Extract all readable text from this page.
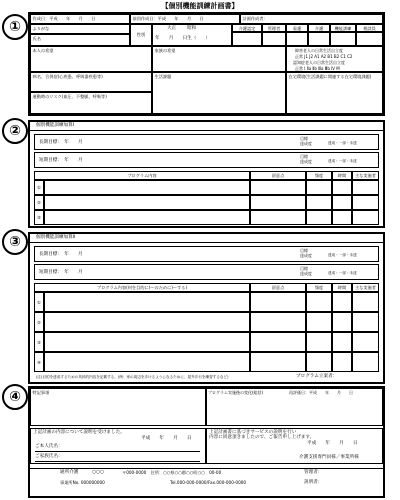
【個別機能訓練計画書】
①
②
③
④
作成日：平成　　年　　月　　日	前回作成日：平成　　年　　月　　日	計画作成者：
ふりがな
性別
大正 昭和
年　　月　　日生（　　）
氏名
介護認定	管理者	看護	介護	機能訓練	相談員
本人の希望	家族の希望	障害老人の日常生活自立度
正常 J1 J2 A1 A2 B1 B2 C1 C2
認知症老人の日常生活自立度
正常 Ⅰ Ⅱa Ⅱb Ⅲa Ⅲb Ⅳ M
病名、合併症(心疾患、呼吸器疾患等)	生活課題	在宅環境(生活課題に関連する在宅環境課題)
運動時のリスク(血圧、不整脈、呼吸等)
個別機能訓練加算Ⅰ
長期目標：　年　　月
目標
達成度	達成・一部・未達
短期目標：　年　　月
目標
達成度	達成・一部・未達
プログラム内容	留意点	頻度	時間	主な実施者
①
②
③
個別機能訓練加算Ⅱ
長期目標：　年　　月
目標
達成度	達成・一部・未達
短期目標：　年　　月
目標
達成度	達成・一部・未達
プログラム内容(何を目的に(～のために)～する)	留意点	頻度	時間	主な実施者
①
②
③
④
(注)目的を達成するための具体的内容を記載する。(例：家の周辺を歩けるようになるために、屋外歩行を練習するなど)	プログラム立案者：
特記事項	プログラム実施後の変化(総括)	再評価日：平成　　年　　月　　日
上記計画の内容について説明を受けました。
平成　　年　　月　　日
ご本人氏名：
ご家族氏名：
上記計画書に基づきサービスの説明を行い
内容に同意頂きましたので、ご報告申し上げます。
平成　　年　　月　　日
介護支援専門員様／事業所様
通所介護	○○○	〒000-0000　住所：○○県○○郡○○町○○　00-00	管理者：
事業所No. 000000000	Tel.000-000-0000/Fax.000-000-0000	説明者：
